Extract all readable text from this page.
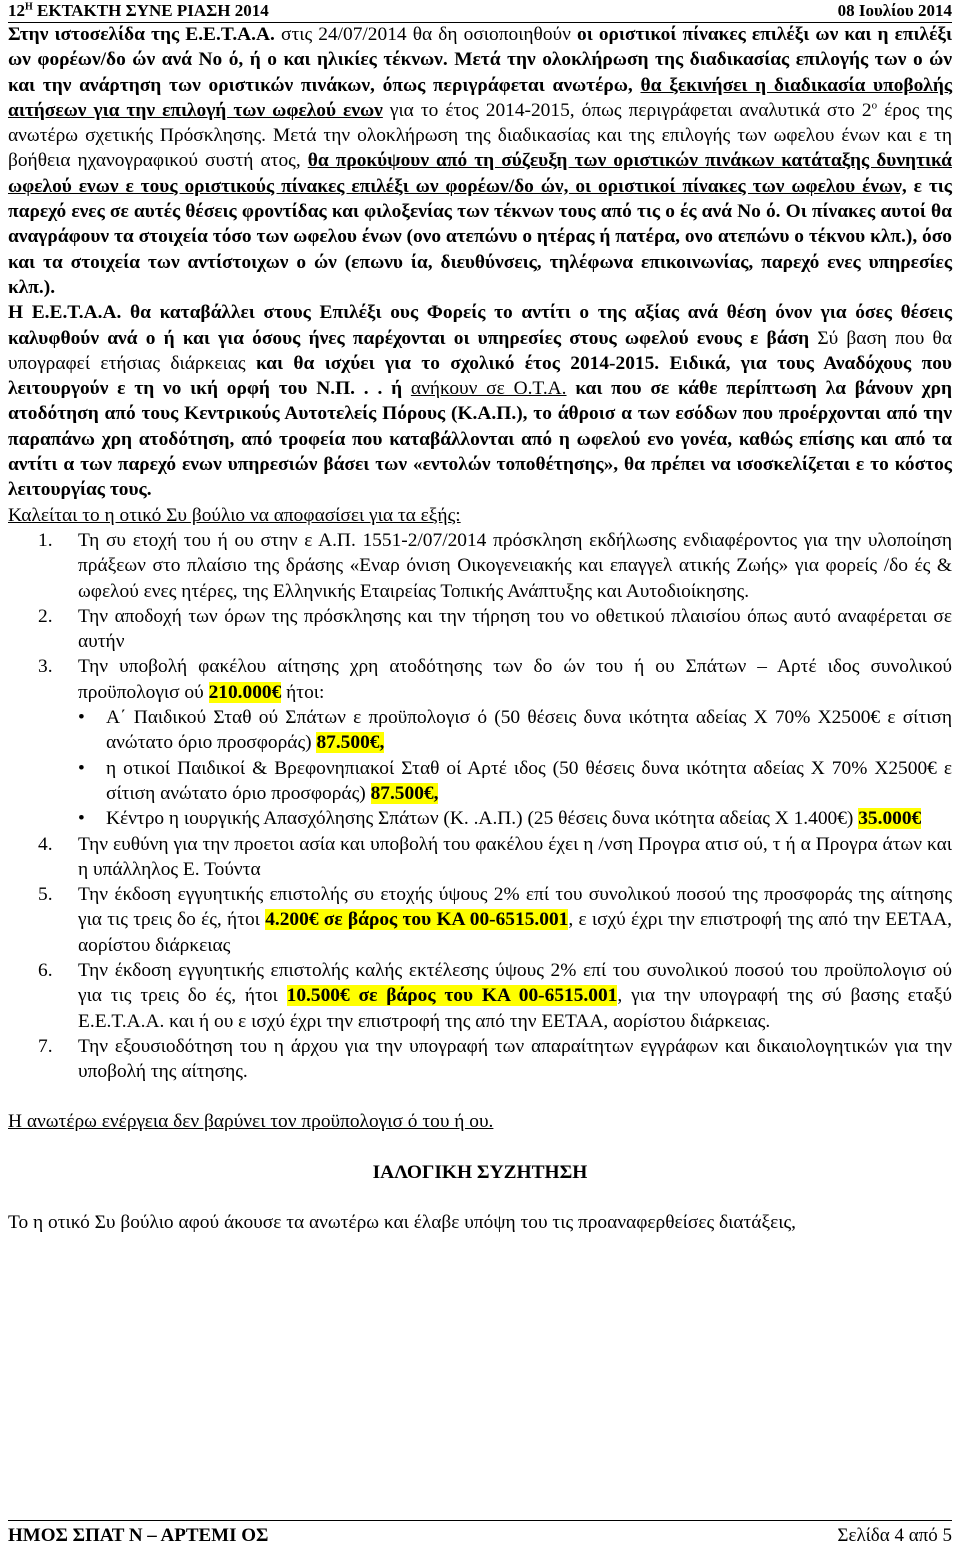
$12^H$ ΕΚΤΑΚΤΗ ΣΥΝΕ ΡΙΑΣΗ 2014	08 Ιουλίου 2014

Στην ιστοσελίδα της Ε.Ε.Τ.Α.Α. στις 24/07/2014 θα δη οσιοποιηθούν οι οριστικοί πίνακες επιλέξι ων και η επιλέξι ων φορέων/δο ών ανά Νο ό, ή ο και ηλικίες τέκνων. Μετά την ολοκλήρωση της διαδικασίας επιλογής των ο ών και την ανάρτηση των οριστικών πινάκων, όπως περιγράφεται ανωτέρω, θα ξεκινήσει η διαδικασία υποβολής αιτήσεων για την επιλογή των ωφελού ενων για το έτος 2014-2015, όπως περιγράφεται αναλυτικά στο $2^o$ έρος της ανωτέρω σχετικής Πρόσκλησης. Μετά την ολοκλήρωση της διαδικασίας και της επιλογής των ωφελου ένων και ε τη βοήθεια ηχανογραφικού συστή ατος, θα προκύψουν από τη σύζευξη των οριστικών πινάκων κατάταξης δυνητικά ωφελού ενων ε τους οριστικούς πίνακες επιλέξι ων φορέων/δο ών, οι οριστικοί πίνακες των ωφελου ένων, ε τις παρεχό ενες σε αυτές θέσεις φροντίδας και φιλοξενίας των τέκνων τους από τις ο ές ανά Νο ό. Οι πίνακες αυτοί θα αναγράφουν τα στοιχεία τόσο των ωφελου ένων (ονο ατεπώνυ ο ητέρας ή πατέρα, ονο ατεπώνυ ο τέκνου κλπ.), όσο και τα στοιχεία των αντίστοιχων ο ών (επωνυ ία, διευθύνσεις, τηλέφωνα επικοινωνίας, παρεχό ενες υπηρεσίες κλπ.).

Η Ε.Ε.Τ.Α.Α. θα καταβάλλει στους Επιλέξι ους Φορείς το αντίτι ο της αξίας ανά θέση όνον για όσες θέσεις καλυφθούν ανά ο ή και για όσους ήνες παρέχονται οι υπηρεσίες στους ωφελού ενους ε βάση Σύ βαση που θα υπογραφεί ετήσιας διάρκειας και θα ισχύει για το σχολικό έτος 2014-2015. Ειδικά, για τους Αναδόχους που λειτουργούν ε τη νο ική ορφή του Ν.Π. . . ή ανήκουν σε Ο.Τ.Α. και που σε κάθε περίπτωση λα βάνουν χρη ατοδότηση από τους Κεντρικούς Αυτοτελείς Πόρους (Κ.Α.Π.), το άθροισ α των εσόδων που προέρχονται από την παραπάνω χρη ατοδότηση, από τροφεία που καταβάλλονται από η ωφελού ενο γονέα, καθώς επίσης και από τα αντίτι α των παρεχό ενων υπηρεσιών βάσει των «εντολών τοποθέτησης», θα πρέπει να ισοσκελίζεται ε το κόστος λειτουργίας τους.

Καλείται το η οτικό Συ βούλιο να αποφασίσει για τα εξής:

1. Τη συ ετοχή του ή ου στην ε Α.Π. 1551-2/07/2014 πρόσκληση εκδήλωσης ενδιαφέροντος για την υλοποίηση πράξεων στο πλαίσιο της δράσης «Εναρ όνιση Οικογενειακής και επαγγελ ατικής Ζωής» για φορείς /δο ές & ωφελού ενες ητέρες, της Ελληνικής Εταιρείας Τοπικής Ανάπτυξης και Αυτοδιοίκησης.
2. Την αποδοχή των όρων της πρόσκλησης και την τήρηση του νο οθετικού πλαισίου όπως αυτό αναφέρεται σε αυτήν
3. Την υποβολή φακέλου αίτησης χρη ατοδότησης των δο ών του ή ου Σπάτων – Αρτέ ιδος συνολικού προϋπολογισ ού 210.000€ ήτοι:
• Α΄ Παιδικού Σταθ ού Σπάτων ε προϋπολογισ ό (50 θέσεις δυνα ικότητα αδείας Χ 70% Χ2500€ ε σίτιση ανώτατο όριο προσφοράς) 87.500€,
• η οτικοί Παιδικοί & Βρεφονηπιακοί Σταθ οί Αρτέ ιδος (50 θέσεις δυνα ικότητα αδείας Χ 70% Χ2500€ ε σίτιση ανώτατο όριο προσφοράς) 87.500€,
• Κέντρο η ιουργικής Απασχόλησης Σπάτων (Κ. .Α.Π.) (25 θέσεις δυνα ικότητα αδείας Χ 1.400€) 35.000€
4. Την ευθύνη για την προετοι ασία και υποβολή του φακέλου έχει η /νση Προγρα ατισ ού, τ ή α Προγρα άτων και η υπάλληλος Ε. Τούντα
5. Την έκδοση εγγυητικής επιστολής συ ετοχής ύψους 2% επί του συνολικού ποσού της προσφοράς της αίτησης για τις τρεις δο ές, ήτοι 4.200€ σε βάρος του ΚΑ 00-6515.001, ε ισχύ έχρι την επιστροφή της από την ΕΕΤΑΑ, αορίστου διάρκειας
6. Την έκδοση εγγυητικής επιστολής καλής εκτέλεσης ύψους 2% επί του συνολικού ποσού του προϋπολογισ ού για τις τρεις δο ές, ήτοι 10.500€ σε βάρος του ΚΑ 00-6515.001, για την υπογραφή της σύ βασης εταξύ Ε.Ε.Τ.Α.Α. και ή ου ε ισχύ έχρι την επιστροφή της από την ΕΕΤΑΑ, αορίστου διάρκειας.
7. Την εξουσιοδότηση του η άρχου για την υπογραφή των απαραίτητων εγγράφων και δικαιολογητικών για την υποβολή της αίτησης.

Η ανωτέρω ενέργεια δεν βαρύνει τον προϋπολογισ ό του ή ου.

ΙΑΛΟΓΙΚΗ ΣΥΖΗΤΗΣΗ

Το η οτικό Συ βούλιο αφού άκουσε τα ανωτέρω και έλαβε υπόψη του τις προαναφερθείσες διατάξεις,

ΗΜΟΣ ΣΠΑΤ Ν – ΑΡΤΕΜΙ ΟΣ	Σελίδα 4 από 5
